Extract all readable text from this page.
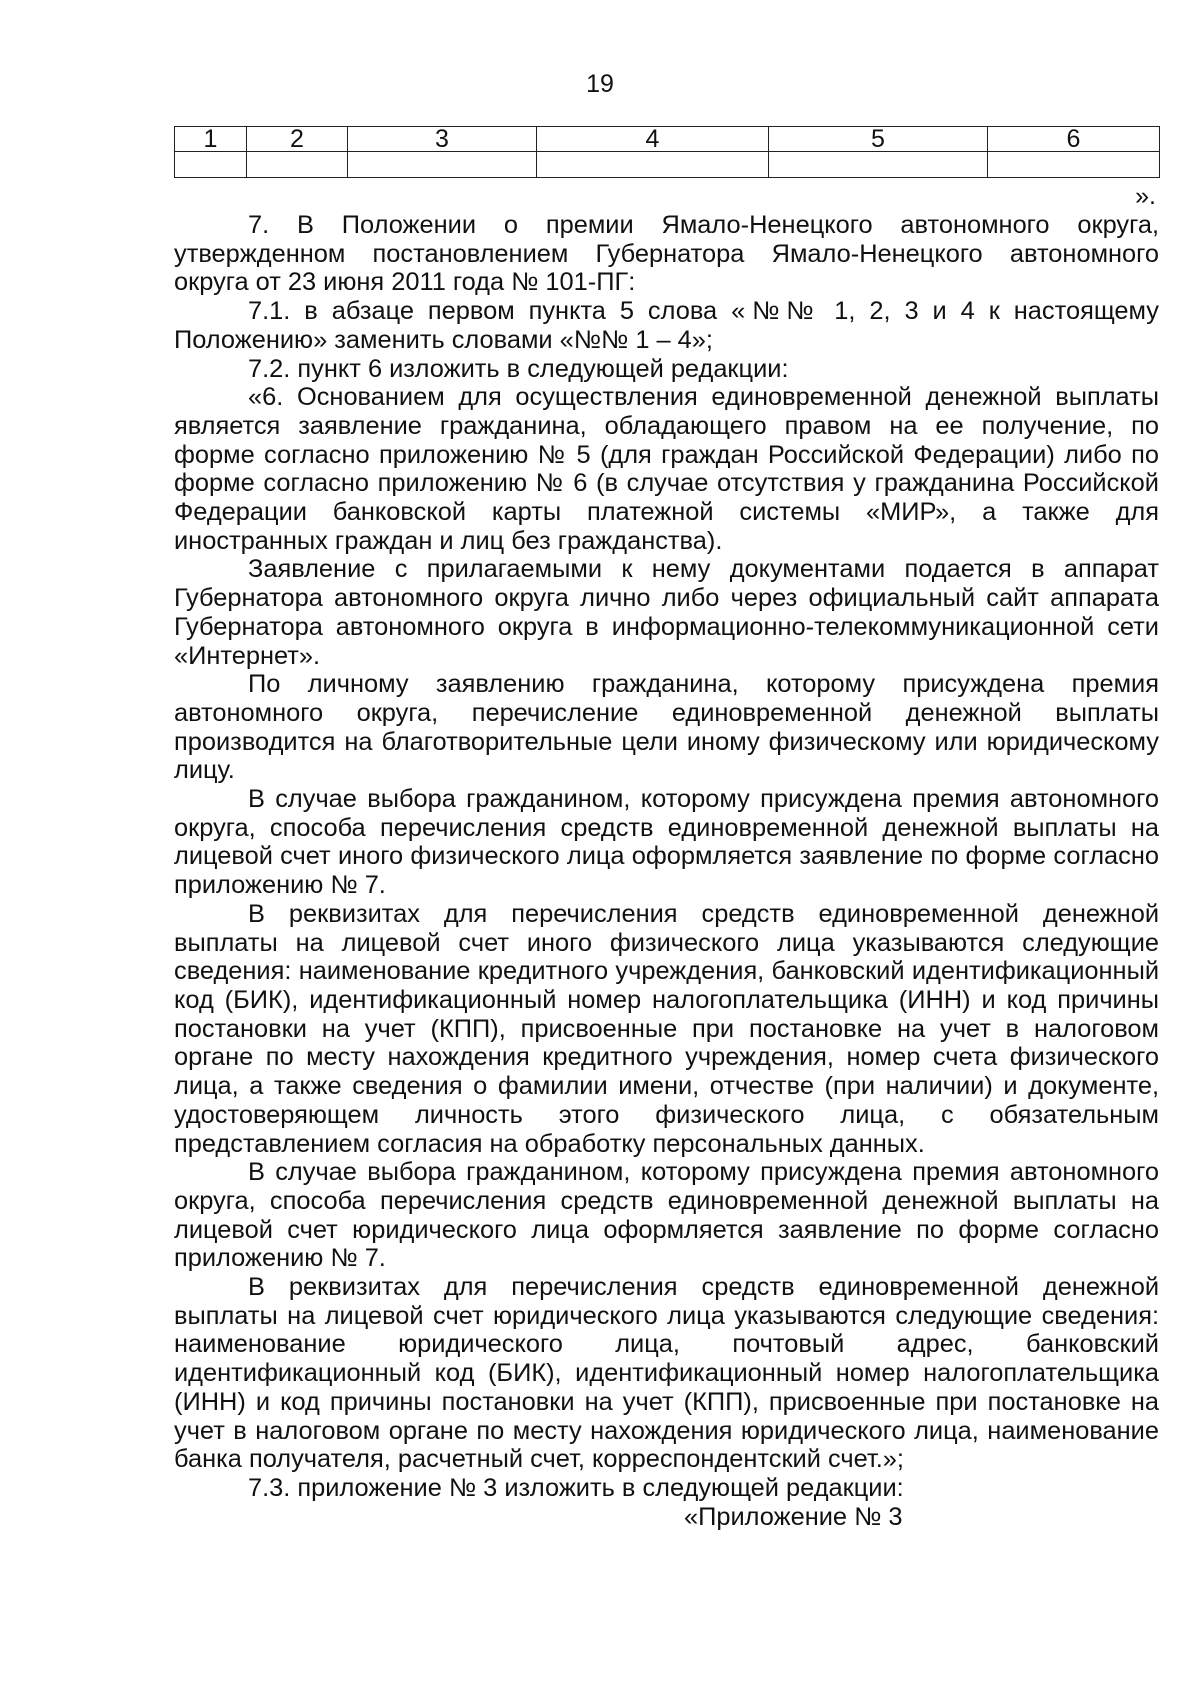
19
1	2	3	4	5	6

».

7. В Положении о премии Ямало-Ненецкого автономного округа, утвержденном постановлением Губернатора Ямало-Ненецкого автономного округа от 23 июня 2011 года № 101-ПГ:

7.1. в абзаце первом пункта 5 слова «№№ 1, 2, 3 и 4 к настоящему Положению» заменить словами «№№ 1 – 4»;

7.2. пункт 6 изложить в следующей редакции:

«6. Основанием для осуществления единовременной денежной выплаты является заявление гражданина, обладающего правом на ее получение, по форме согласно приложению № 5 (для граждан Российской Федерации) либо по форме согласно приложению № 6 (в случае отсутствия у гражданина Российской Федерации банковской карты платежной системы «МИР», а также для иностранных граждан и лиц без гражданства).

Заявление с прилагаемыми к нему документами подается в аппарат Губернатора автономного округа лично либо через официальный сайт аппарата Губернатора автономного округа в информационно-телекоммуникационной сети «Интернет».

По личному заявлению гражданина, которому присуждена премия автономного округа, перечисление единовременной денежной выплаты производится на благотворительные цели иному физическому или юридическому лицу.

В случае выбора гражданином, которому присуждена премия автономного округа, способа перечисления средств единовременной денежной выплаты на лицевой счет иного физического лица оформляется заявление по форме согласно приложению № 7.

В реквизитах для перечисления средств единовременной денежной выплаты на лицевой счет иного физического лица указываются следующие сведения: наименование кредитного учреждения, банковский идентификационный код (БИК), идентификационный номер налогоплательщика (ИНН) и код причины постановки на учет (КПП), присвоенные при постановке на учет в налоговом органе по месту нахождения кредитного учреждения, номер счета физического лица, а также сведения о фамилии имени, отчестве (при наличии) и документе, удостоверяющем личность этого физического лица, с обязательным представлением согласия на обработку персональных данных.

В случае выбора гражданином, которому присуждена премия автономного округа, способа перечисления средств единовременной денежной выплаты на лицевой счет юридического лица оформляется заявление по форме согласно приложению № 7.

В реквизитах для перечисления средств единовременной денежной выплаты на лицевой счет юридического лица указываются следующие сведения: наименование юридического лица, почтовый адрес, банковский идентификационный код (БИК), идентификационный номер налогоплательщика (ИНН) и код причины постановки на учет (КПП), присвоенные при постановке на учет в налоговом органе по месту нахождения юридического лица, наименование банка получателя, расчетный счет, корреспондентский счет.»;

7.3. приложение № 3 изложить в следующей редакции:

«Приложение № 3
